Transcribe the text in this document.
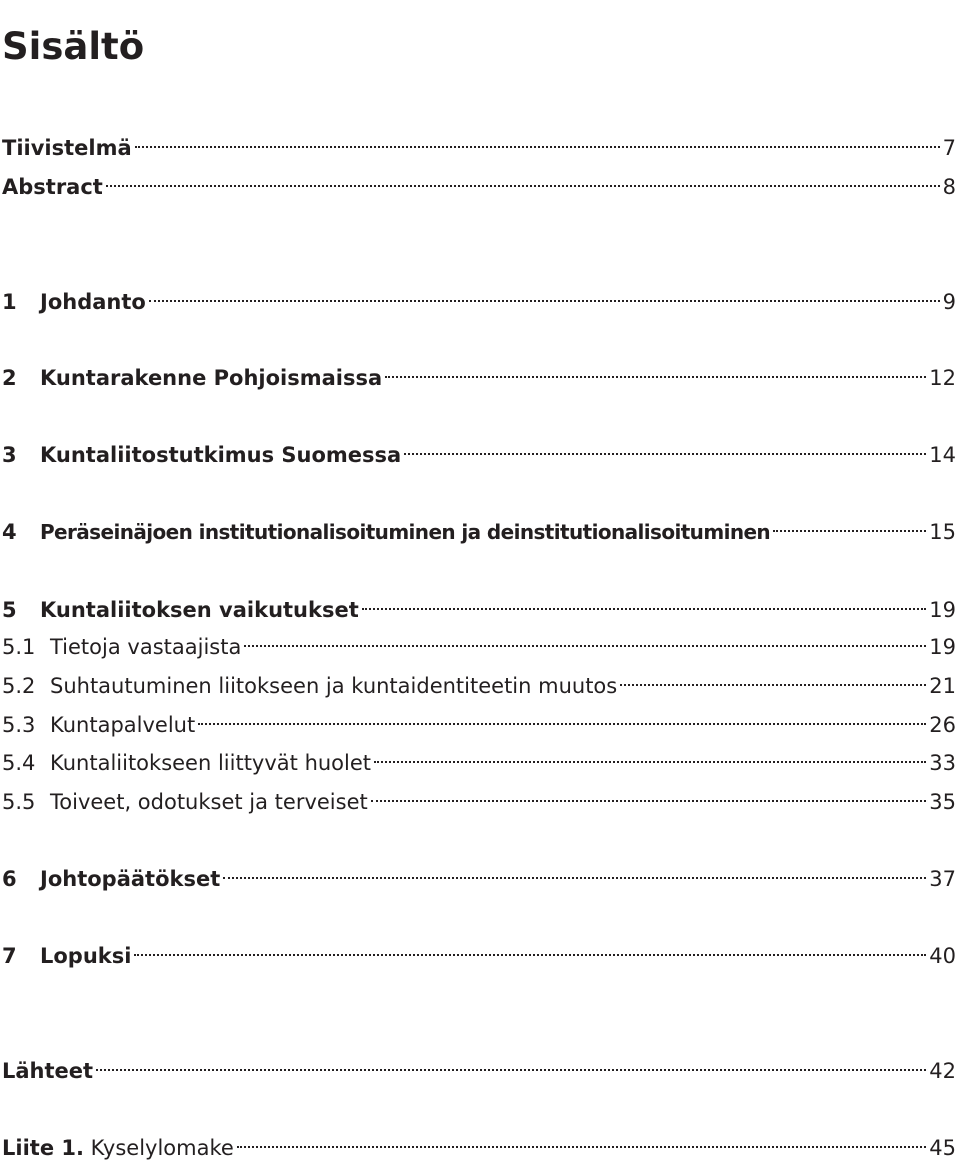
Sisältö
Tiivistelmä	7
Abstract	8
1	Johdanto	9
2	Kuntarakenne Pohjoismaissa	12
3	Kuntaliitostutkimus Suomessa	14
4	Peräseinäjoen institutionalisoituminen ja deinstitutionalisoituminen	15
5	Kuntaliitoksen vaikutukset	19
5.1 Tietoja vastaajista	19
5.2 Suhtautuminen liitokseen ja kuntaidentiteetin muutos	21
5.3 Kuntapalvelut	26
5.4 Kuntaliitokseen liittyvät huolet	33
5.5 Toiveet, odotukset ja terveiset	35
6	Johtopäätökset	37
7	Lopuksi	40
Lähteet	42
Liite 1. Kyselylomake	45
